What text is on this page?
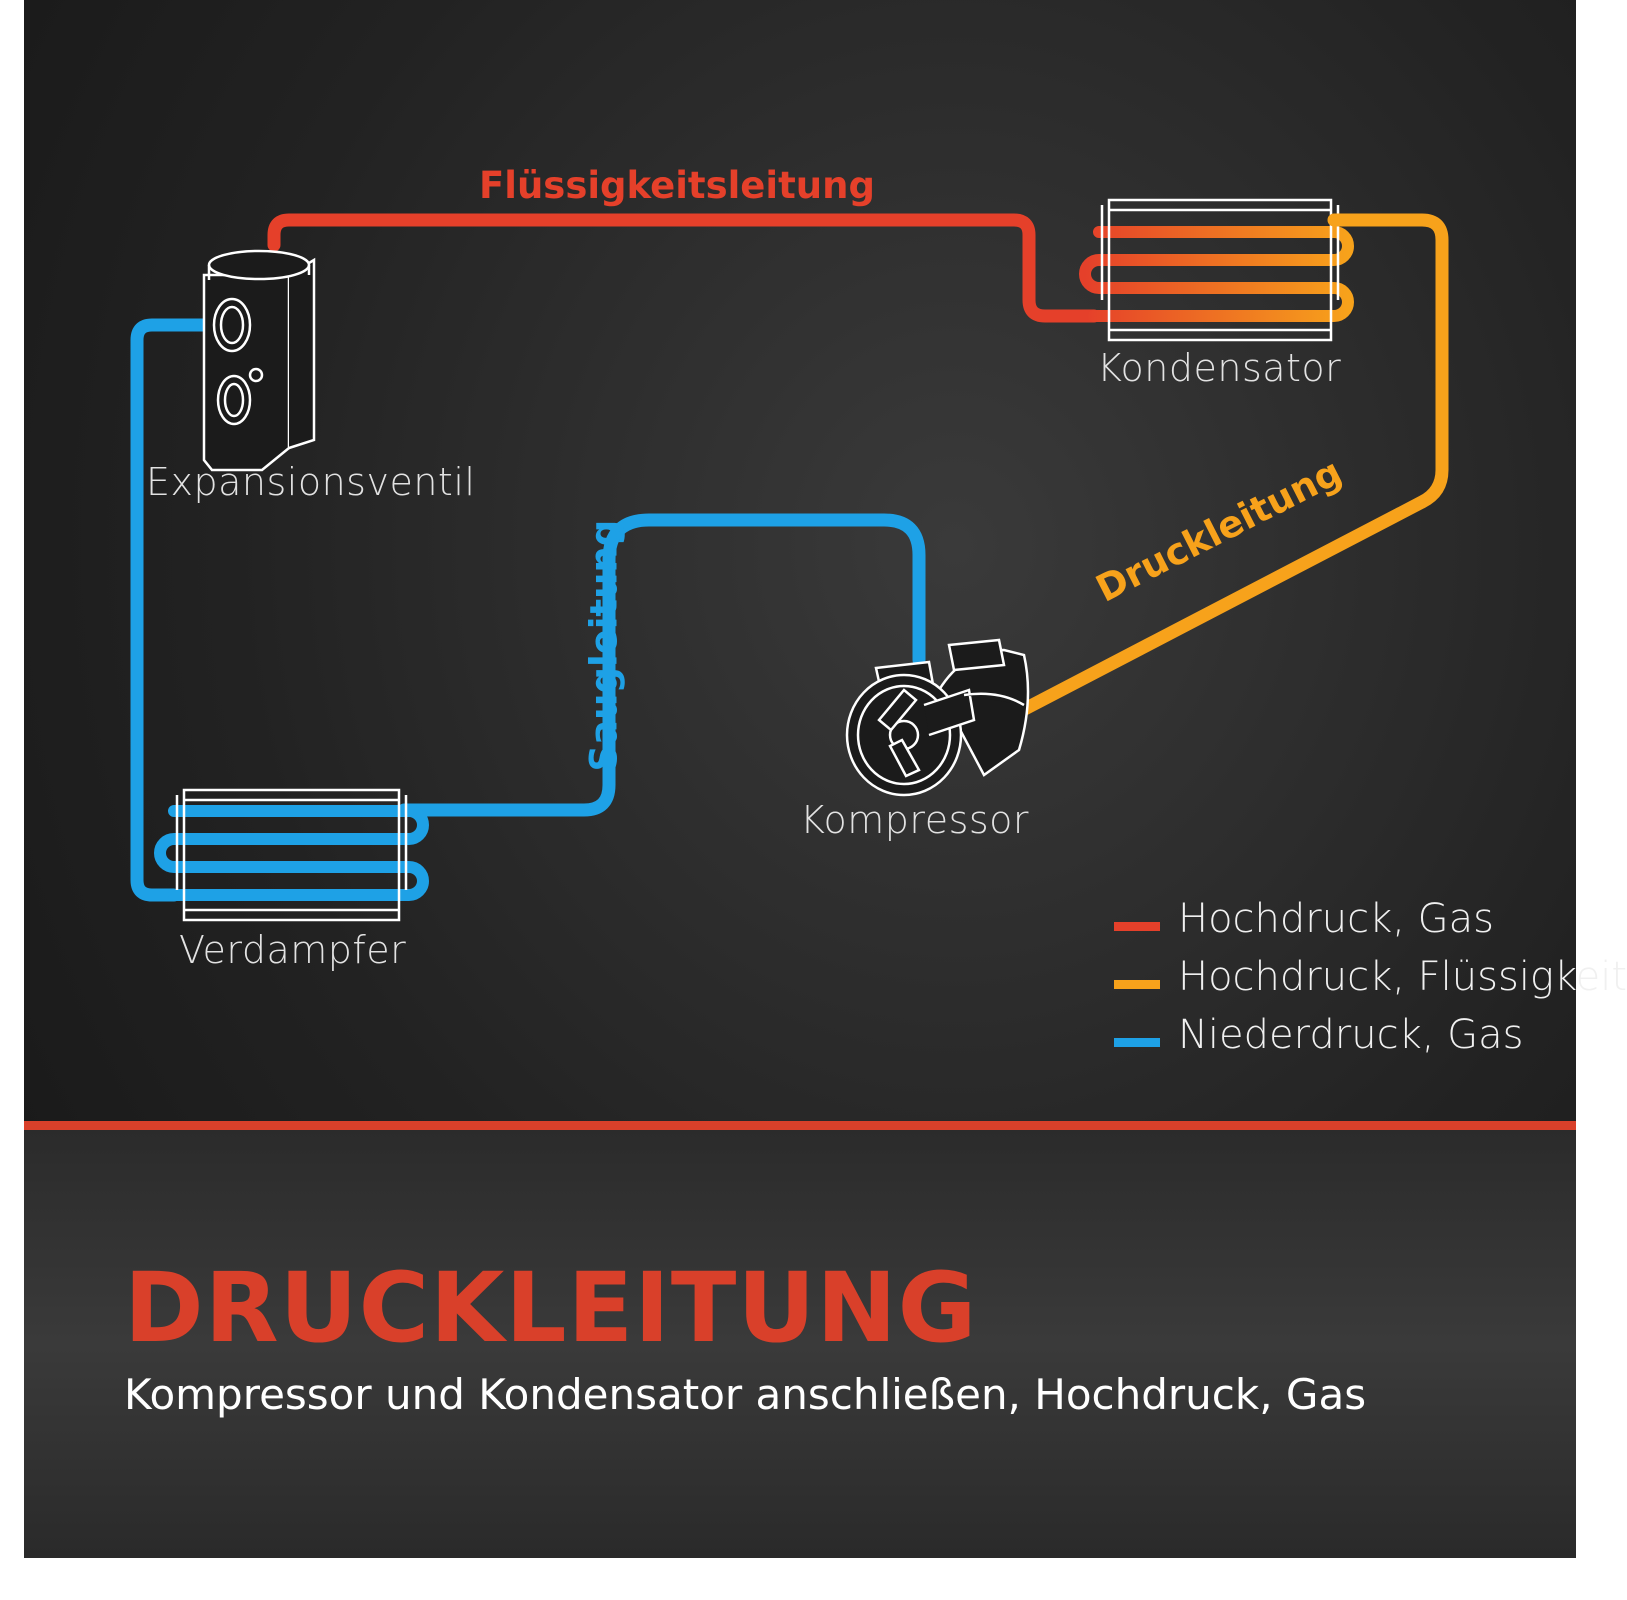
Flüssigkeitsleitung
Druckleitung
Saugleitung
Kondensator
Expansionsventil
Verdampfer
Kompressor
Hochdruck, Gas
Hochdruck, Flüssigkeit
Niederdruck, Gas
DRUCKLEITUNG
Kompressor und Kondensator anschließen, Hochdruck, Gas
